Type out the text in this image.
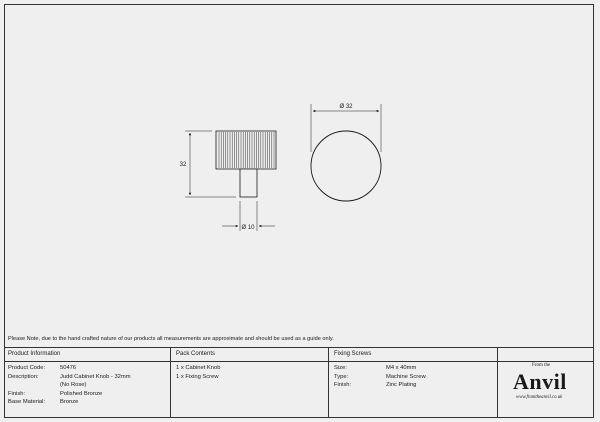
32
Ø 10
Ø 32
Please Note, due to the hand crafted nature of our products all measurements are approximate and should be used as a guide only.
Product Information	Pack Contents	Fixing Screws
Product Code:
Description:
Finish:
Base Material:
50476
Judd Cabinet Knob - 32mm
(No Rose)
Polished Bronze
Bronze
1 x Cabinet Knob
1 x Fixing Screw
Size:
Type:
Finish:
M4 x 40mm
Machine Screw
Zinc Plating
From the
Anvil
www.fromtheanvil.co.uk
